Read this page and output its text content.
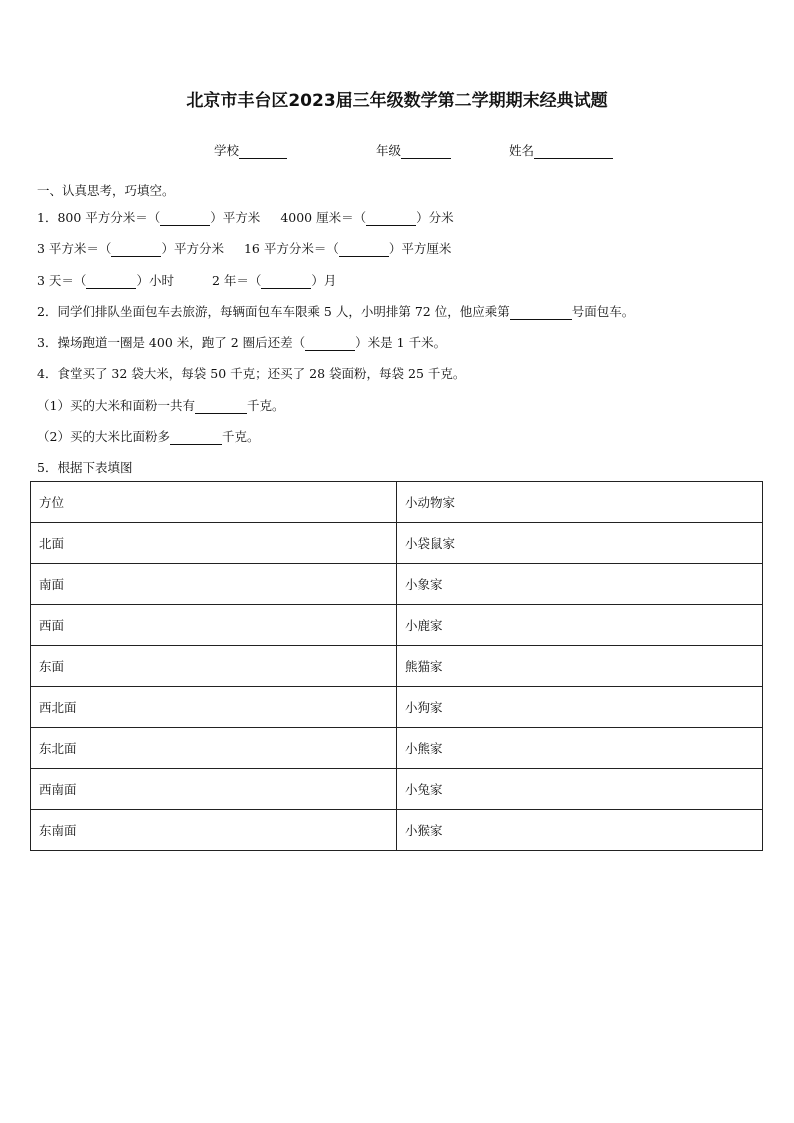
北京市丰台区2023届三年级数学第二学期期末经典试题
学校	年级	姓名
一、认真思考，巧填空。
1．800 平方分米＝（	）平方米 4000 厘米＝（	）分米
3 平方米＝（	）平方分米 16 平方分米＝（	）平方厘米
3 天＝（	）小时	2 年＝（	）月
2．同学们排队坐面包车去旅游，每辆面包车车限乘 5 人，小明排第 72 位，他应乘第	号面包车。
3．操场跑道一圈是 400 米，跑了 2 圈后还差（	）米是 1 千米。
4．食堂买了 32 袋大米，每袋 50 千克；还买了 28 袋面粉，每袋 25 千克。
（1）买的大米和面粉一共有	千克。
（2）买的大米比面粉多	千克。
5．根据下表填图
方位	小动物家
北面	小袋鼠家
南面	小象家
西面	小鹿家
东面	熊猫家
西北面	小狗家
东北面	小熊家
西南面	小兔家
东南面	小猴家
